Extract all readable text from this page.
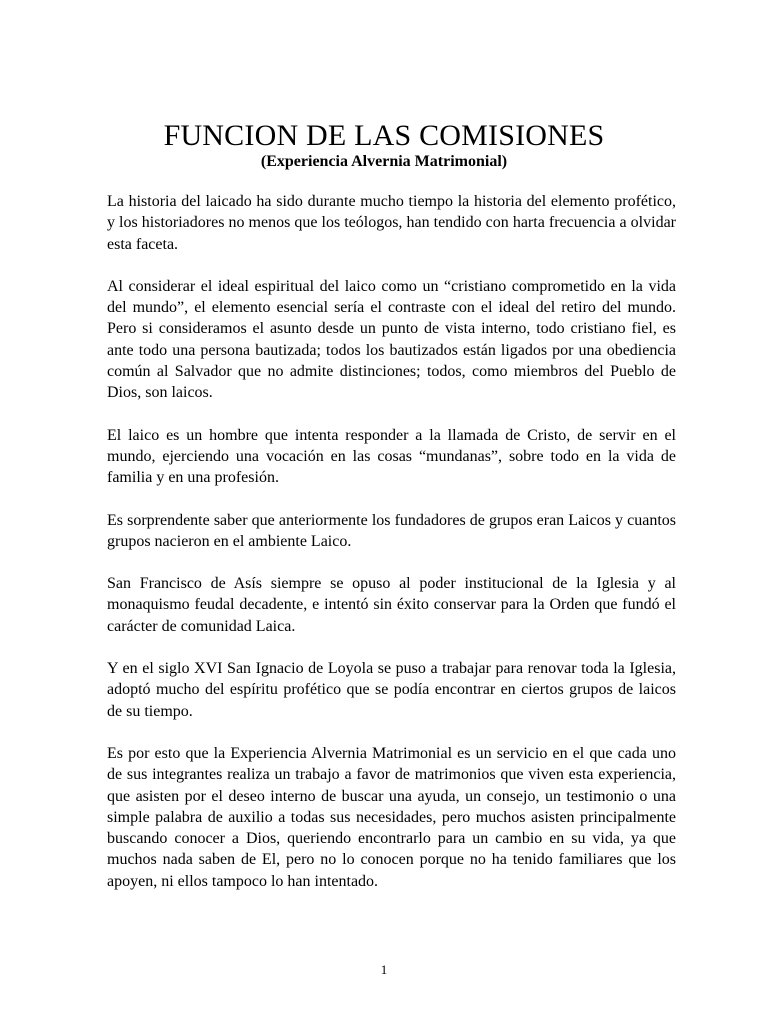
FUNCION DE LAS COMISIONES

(Experiencia Alvernia Matrimonial)

La historia del laicado ha sido durante mucho tiempo la historia del elemento profético, y los historiadores no menos que los teólogos, han tendido con harta frecuencia a olvidar esta faceta.

Al considerar el ideal espiritual del laico como un “cristiano comprometido en la vida del mundo”, el elemento esencial sería el contraste con el ideal del retiro del mundo. Pero si consideramos el asunto desde un punto de vista interno, todo cristiano fiel, es ante todo una persona bautizada; todos los bautizados están ligados por una obediencia común al Salvador que no admite distinciones; todos, como miembros del Pueblo de Dios, son laicos.

El laico es un hombre que intenta responder a la llamada de Cristo, de servir en el mundo, ejerciendo una vocación en las cosas “mundanas”, sobre todo en la vida de familia y en una profesión.

Es sorprendente saber que anteriormente los fundadores de grupos eran Laicos y cuantos grupos nacieron en el ambiente Laico.

San Francisco de Asís siempre se opuso al poder institucional de la Iglesia y al monaquismo feudal decadente, e intentó sin éxito conservar para la Orden que fundó el carácter de comunidad Laica.

Y en el siglo XVI San Ignacio de Loyola se puso a trabajar para renovar toda la Iglesia, adoptó mucho del espíritu profético que se podía encontrar en ciertos grupos de laicos de su tiempo.

Es por esto que la Experiencia Alvernia Matrimonial es un servicio en el que cada uno de sus integrantes realiza un trabajo a favor de matrimonios que viven esta experiencia, que asisten por el deseo interno de buscar una ayuda, un consejo, un testimonio o una simple palabra de auxilio a todas sus necesidades, pero muchos asisten principalmente buscando conocer a Dios, queriendo encontrarlo para un cambio en su vida, ya que muchos nada saben de El, pero no lo conocen porque no ha tenido familiares que los apoyen, ni ellos tampoco lo han intentado.

1
